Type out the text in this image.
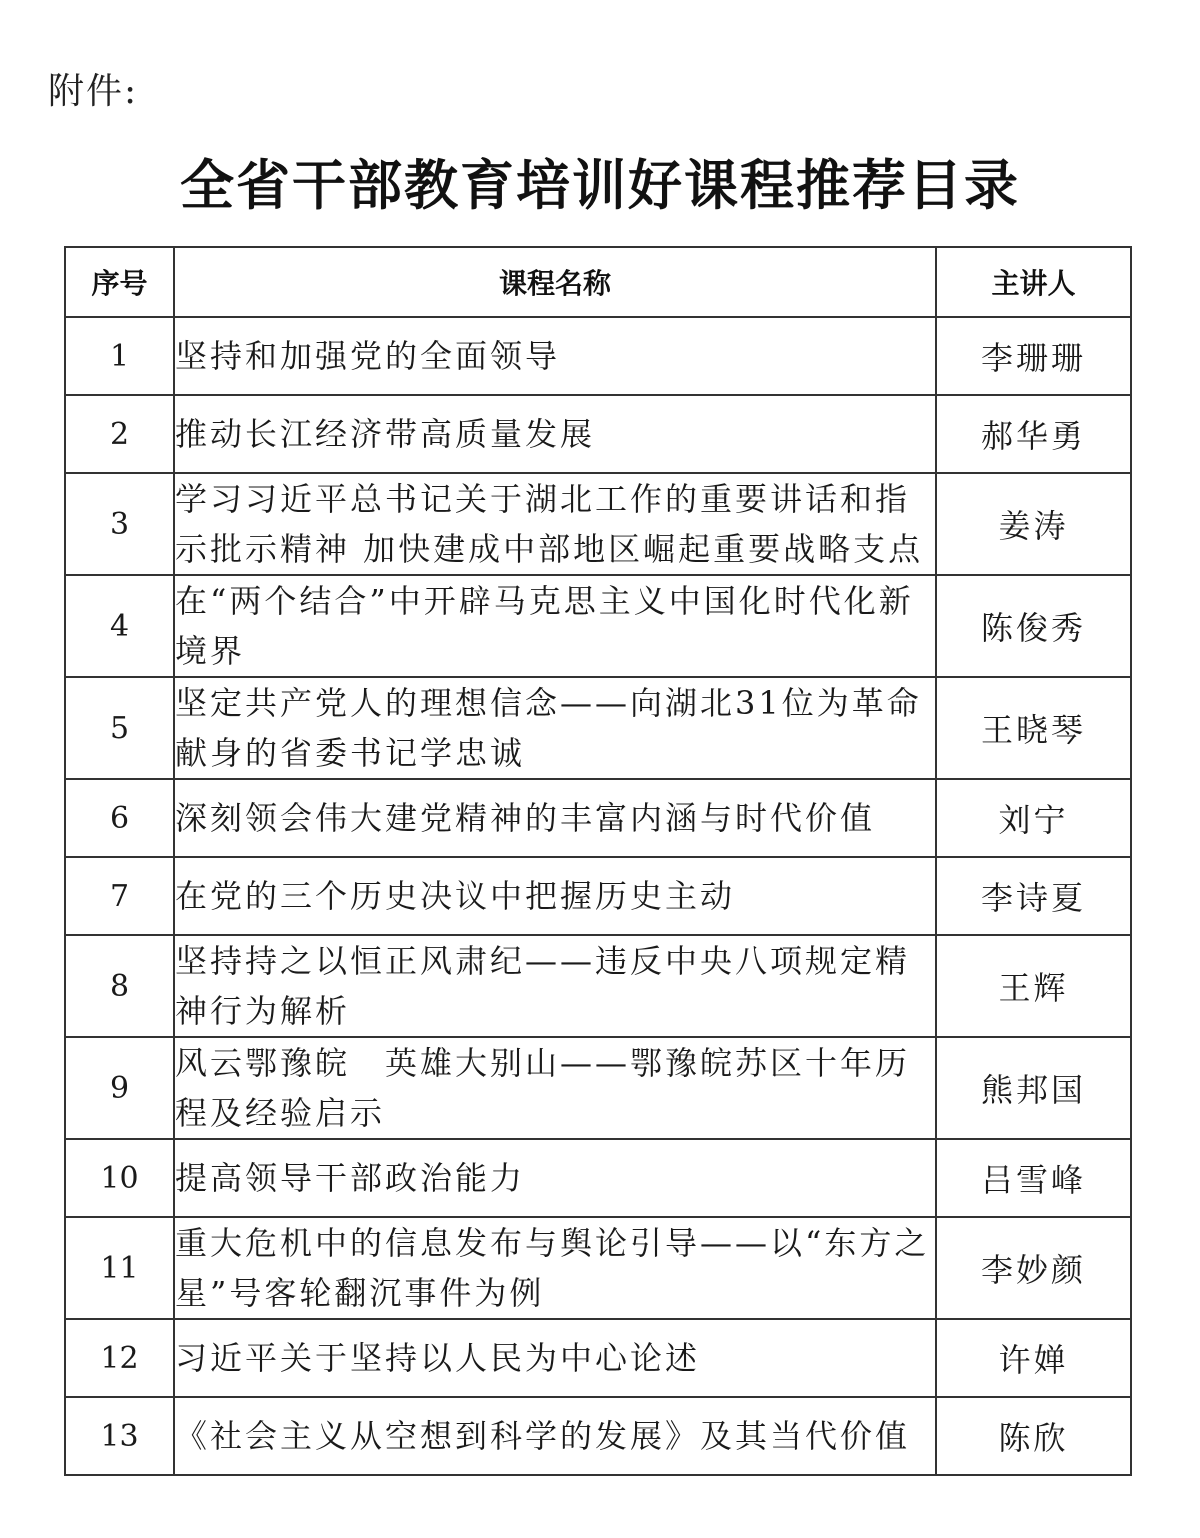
附件:
全省干部教育培训好课程推荐目录
序号	课程名称	主讲人
1	坚持和加强党的全面领导	李珊珊
2	推动长江经济带高质量发展	郝华勇
3	学习习近平总书记关于湖北工作的重要讲话和指示批示精神 加快建成中部地区崛起重要战略支点	姜涛
4	在“两个结合”中开辟马克思主义中国化时代化新境界	陈俊秀
5	坚定共产党人的理想信念——向湖北31位为革命献身的省委书记学忠诚	王晓琴
6	深刻领会伟大建党精神的丰富内涵与时代价值	刘宁
7	在党的三个历史决议中把握历史主动	李诗夏
8	坚持持之以恒正风肃纪——违反中央八项规定精神行为解析	王辉
9	风云鄂豫皖　英雄大别山——鄂豫皖苏区十年历程及经验启示	熊邦国
10	提高领导干部政治能力	吕雪峰
11	重大危机中的信息发布与舆论引导——以“东方之星”号客轮翻沉事件为例	李妙颜
12	习近平关于坚持以人民为中心论述	许婵
13	《社会主义从空想到科学的发展》及其当代价值	陈欣
